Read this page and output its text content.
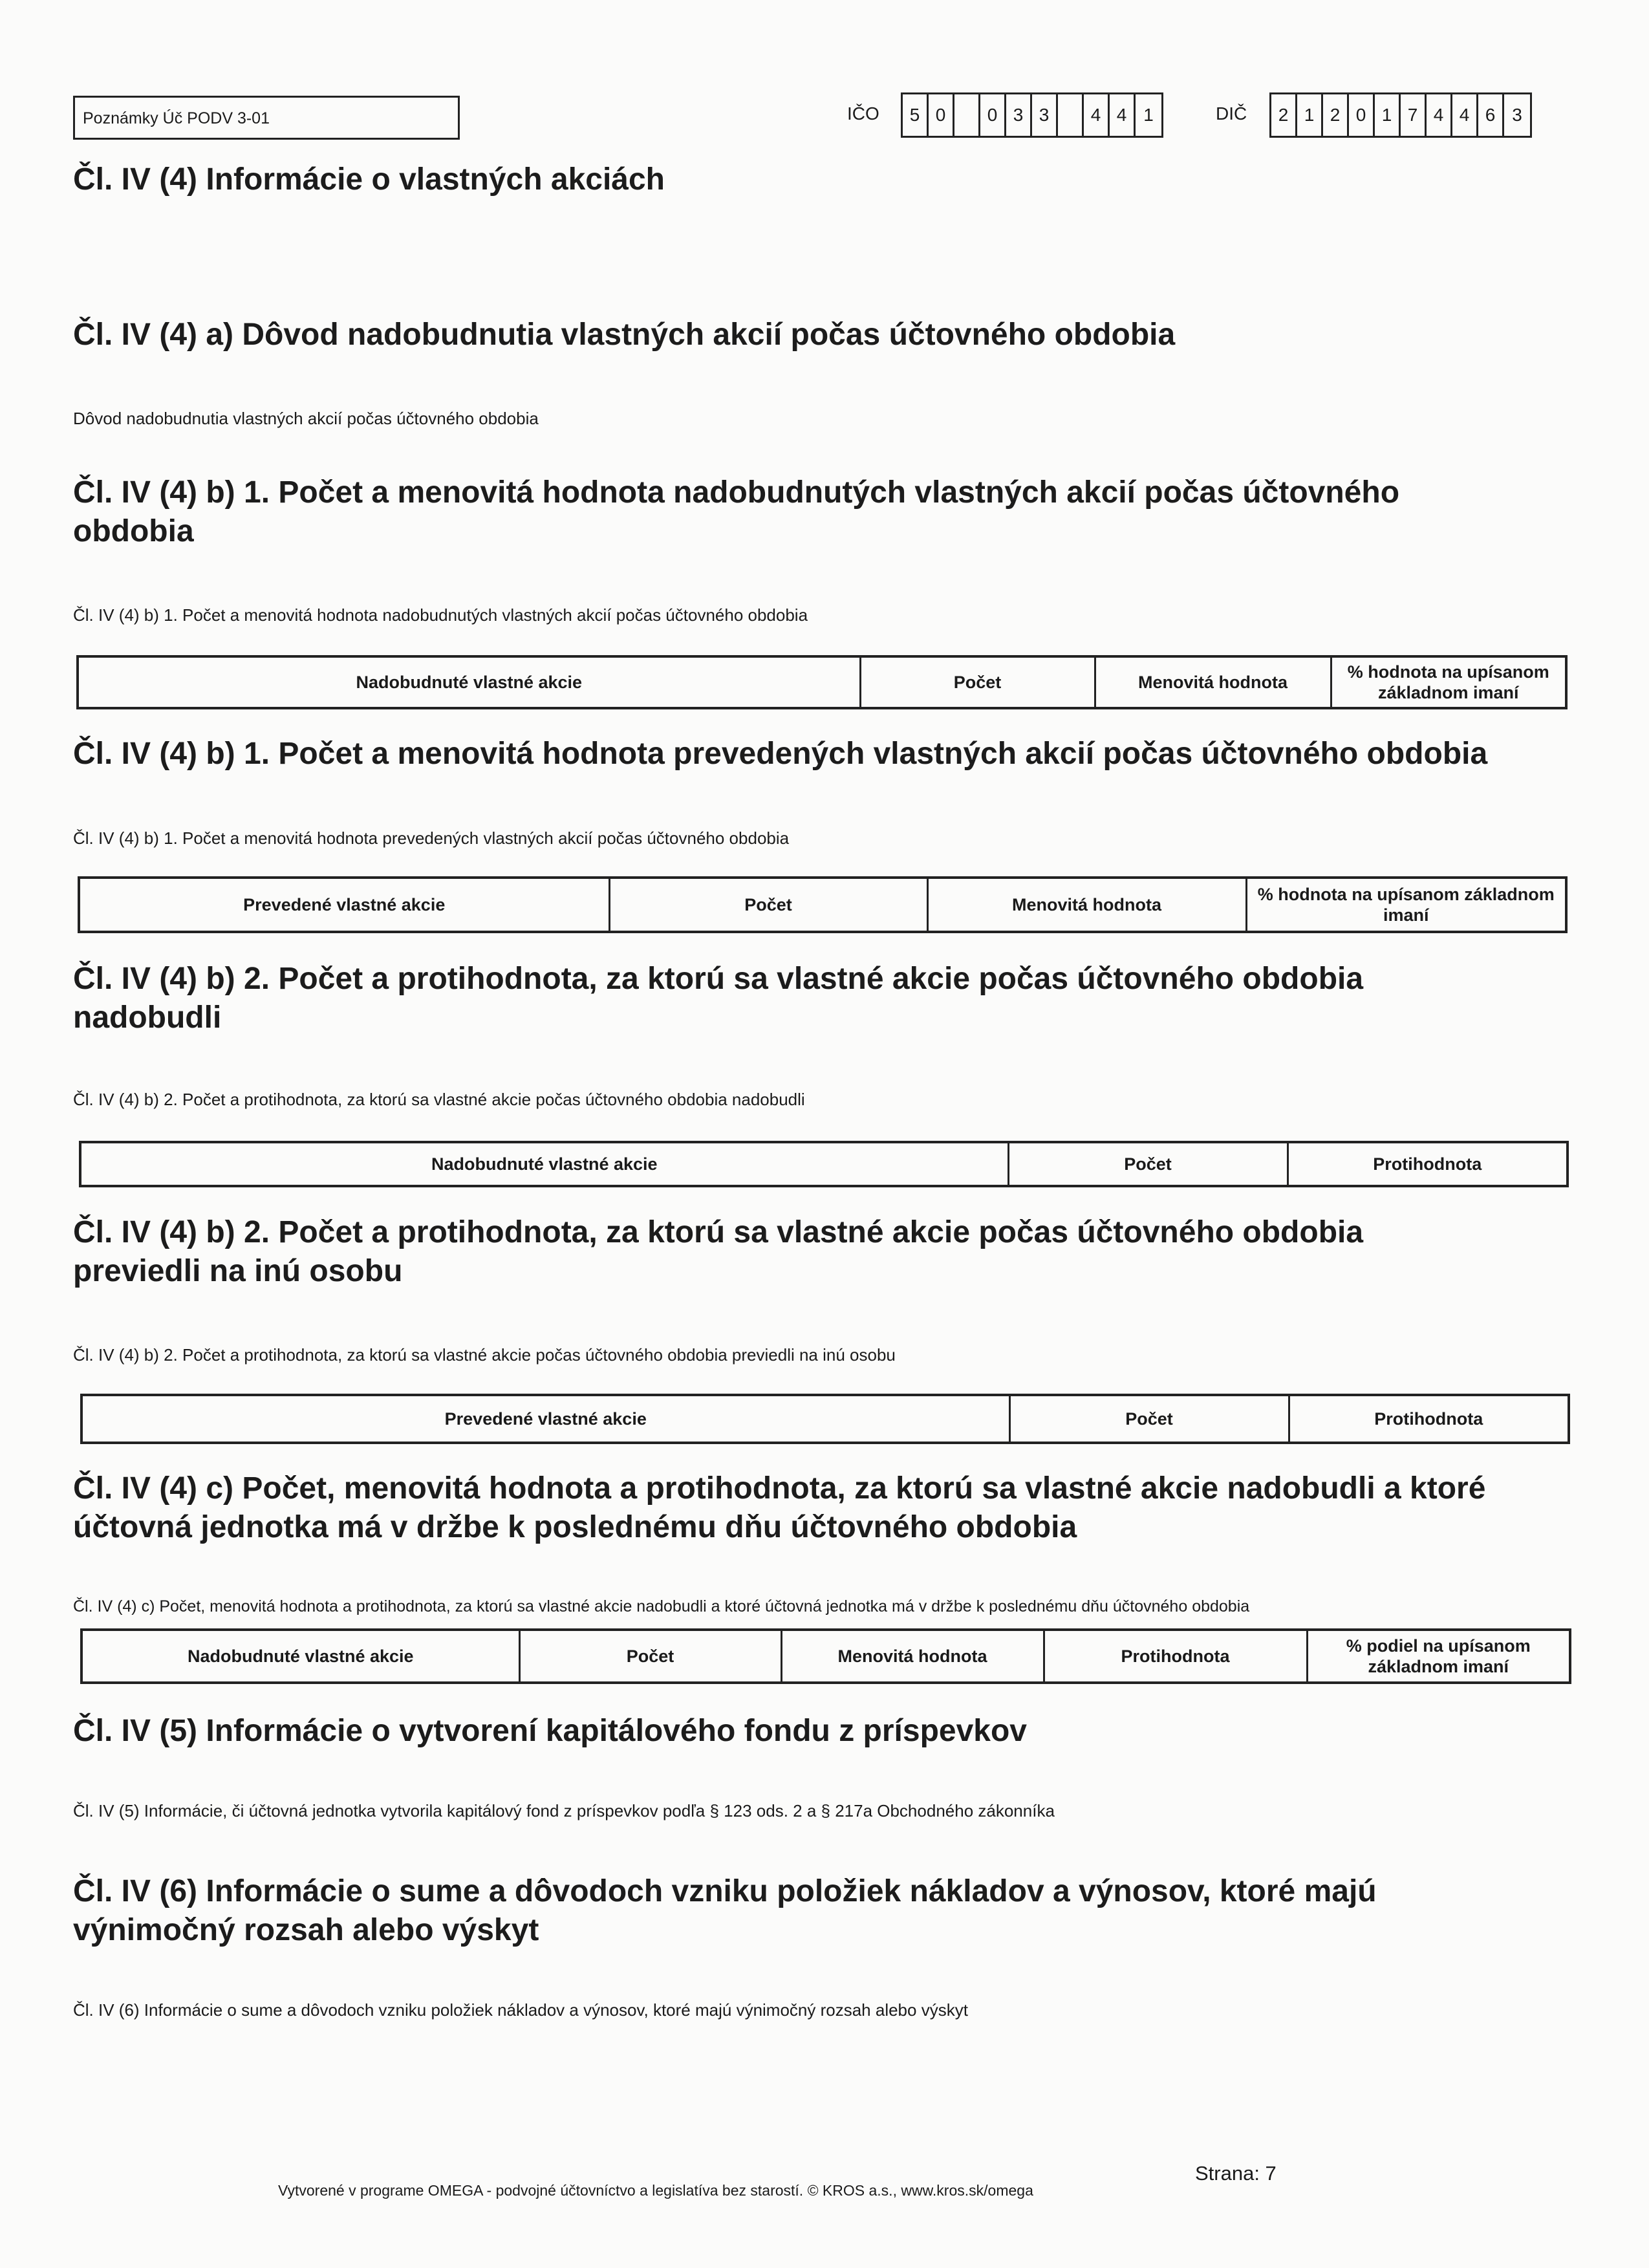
Poznámky Úč PODV 3-01	IČO	5 0	0 3 3	4 4 1	DIČ	2 1 2 0 1 7 4 4 6 3
Čl. IV (4) Informácie o vlastných akciách
Čl. IV (4) a) Dôvod nadobudnutia vlastných akcií počas účtovného obdobia

Dôvod nadobudnutia vlastných akcií počas účtovného obdobia

Čl. IV (4) b) 1. Počet a menovitá hodnota nadobudnutých vlastných akcií počas účtovného obdobia

Čl. IV (4) b) 1. Počet a menovitá hodnota nadobudnutých vlastných akcií počas účtovného obdobia

Nadobudnuté vlastné akcie	Počet	Menovitá hodnota	% hodnota na upísanom základnom imaní
Čl. IV (4) b) 1. Počet a menovitá hodnota prevedených vlastných akcií počas účtovného obdobia

Čl. IV (4) b) 1. Počet a menovitá hodnota prevedených vlastných akcií počas účtovného obdobia

Prevedené vlastné akcie	Počet	Menovitá hodnota	% hodnota na upísanom základnom imaní
Čl. IV (4) b) 2. Počet a protihodnota, za ktorú sa vlastné akcie počas účtovného obdobia nadobudli

Čl. IV (4) b) 2. Počet a protihodnota, za ktorú sa vlastné akcie počas účtovného obdobia nadobudli

Nadobudnuté vlastné akcie	Počet	Protihodnota
Čl. IV (4) b) 2. Počet a protihodnota, za ktorú sa vlastné akcie počas účtovného obdobia previedli na inú osobu

Čl. IV (4) b) 2. Počet a protihodnota, za ktorú sa vlastné akcie počas účtovného obdobia previedli na inú osobu

Prevedené vlastné akcie	Počet	Protihodnota
Čl. IV (4) c) Počet, menovitá hodnota a protihodnota, za ktorú sa vlastné akcie nadobudli a ktoré účtovná jednotka má v držbe k poslednému dňu účtovného obdobia

Čl. IV (4) c) Počet, menovitá hodnota a protihodnota, za ktorú sa vlastné akcie nadobudli a ktoré účtovná jednotka má v držbe k poslednému dňu účtovného obdobia

Nadobudnuté vlastné akcie	Počet	Menovitá hodnota	Protihodnota	% podiel na upísanom základnom imaní
Čl. IV (5) Informácie o vytvorení kapitálového fondu z príspevkov

Čl. IV (5) Informácie, či účtovná jednotka vytvorila kapitálový fond z príspevkov podľa § 123 ods. 2 a § 217a Obchodného zákonníka

Čl. IV (6) Informácie o sume a dôvodoch vzniku položiek nákladov a výnosov, ktoré majú výnimočný rozsah alebo výskyt

Čl. IV (6) Informácie o sume a dôvodoch vzniku položiek nákladov a výnosov, ktoré majú výnimočný rozsah alebo výskyt

Strana: 7
Vytvorené v programe OMEGA - podvojné účtovníctvo a legislatíva bez starostí. © KROS a.s., www.kros.sk/omega
